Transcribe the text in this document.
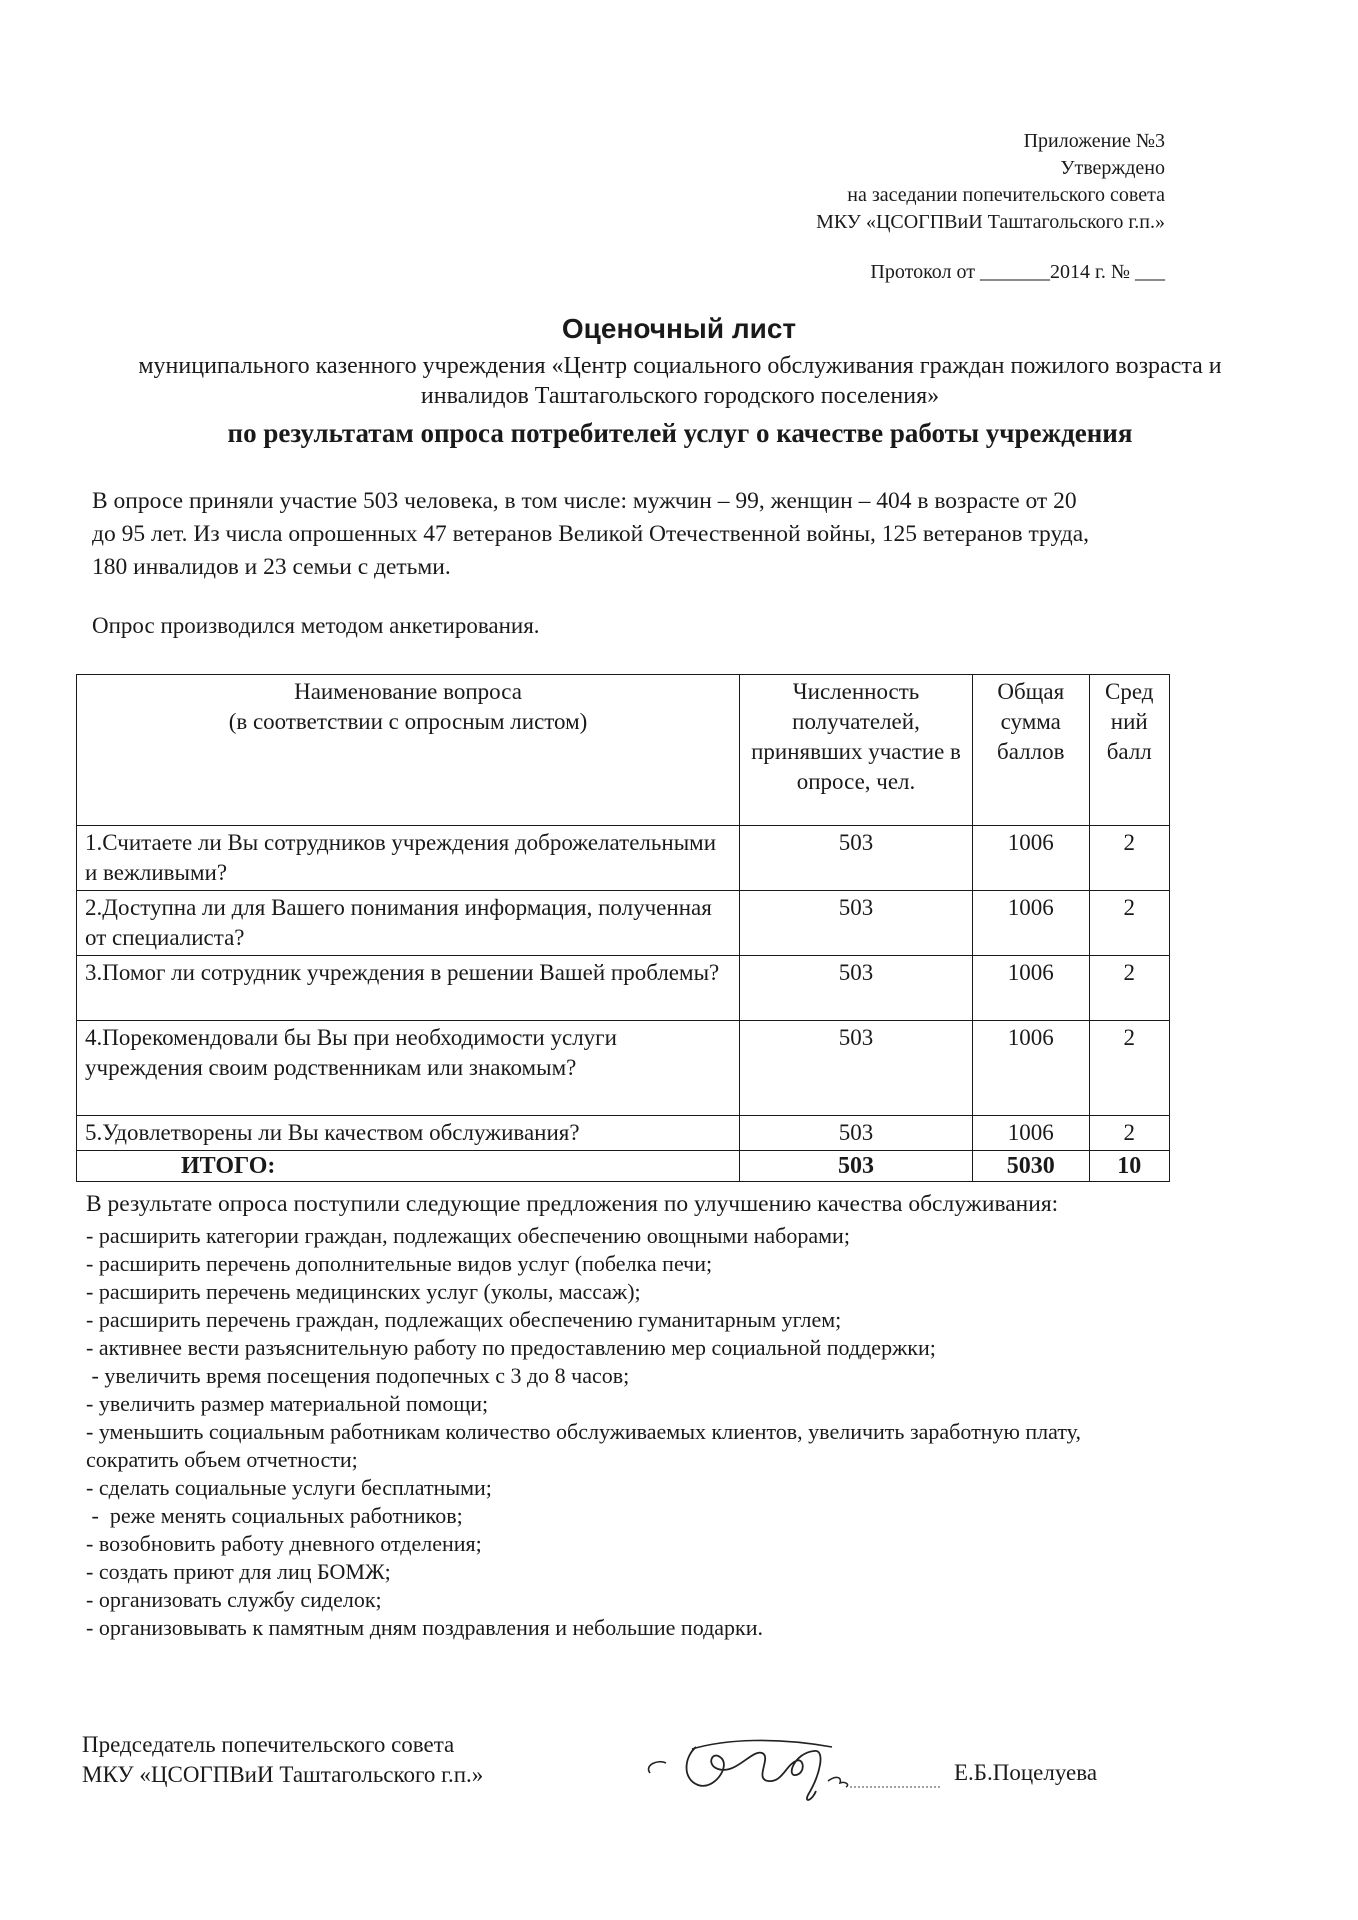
Приложение №3
Утверждено
на заседании попечительского совета
МКУ «ЦСОГПВиИ Таштагольского г.п.»
Протокол от _______2014 г. № ___
Оценочный лист
муниципального казенного учреждения «Центр социального обслуживания граждан пожилого возраста и инвалидов Таштагольского городского поселения»
по результатам опроса потребителей услуг о качестве работы учреждения
В опросе приняли участие 503 человека, в том числе: мужчин – 99, женщин – 404 в возрасте от 20 до 95 лет. Из числа опрошенных 47 ветеранов Великой Отечественной войны, 125 ветеранов труда, 180 инвалидов и 23 семьи с детьми.
Опрос производился методом анкетирования.
Наименование вопроса
(в соответствии с опросным листом)	Численность получателей, принявших участие в опросе, чел.	Общая сумма баллов	Сред ний балл
1.Считаете ли Вы сотрудников учреждения доброжелательными и вежливыми?	503	1006	2
2.Доступна ли для Вашего понимания информация, полученная от специалиста?	503	1006	2
3.Помог ли сотрудник учреждения в решении Вашей проблемы?	503	1006	2
4.Порекомендовали бы Вы при необходимости услуги учреждения своим родственникам или знакомым?	503	1006	2
5.Удовлетворены ли Вы качеством обслуживания?	503	1006	2
ИТОГО:	503	5030	10
В результате опроса поступили следующие предложения по улучшению качества обслуживания:
- расширить категории граждан, подлежащих обеспечению овощными наборами;
- расширить перечень дополнительные видов услуг (побелка печи;
- расширить перечень медицинских услуг (уколы, массаж);
- расширить перечень граждан, подлежащих обеспечению гуманитарным углем;
- активнее вести разъяснительную работу по предоставлению мер социальной поддержки;
- увеличить время посещения подопечных с 3 до 8 часов;
- увеличить размер материальной помощи;
- уменьшить социальным работникам количество обслуживаемых клиентов, увеличить заработную плату, сократить объем отчетности;
- сделать социальные услуги бесплатными;
-  реже менять социальных работников;
- возобновить работу дневного отделения;
- создать приют для лиц БОМЖ;
- организовать службу сиделок;
- организовывать к памятным дням поздравления и небольшие подарки.
Председатель попечительского совета
МКУ «ЦСОГПВиИ Таштагольского г.п.»	Е.Б.Поцелуева
